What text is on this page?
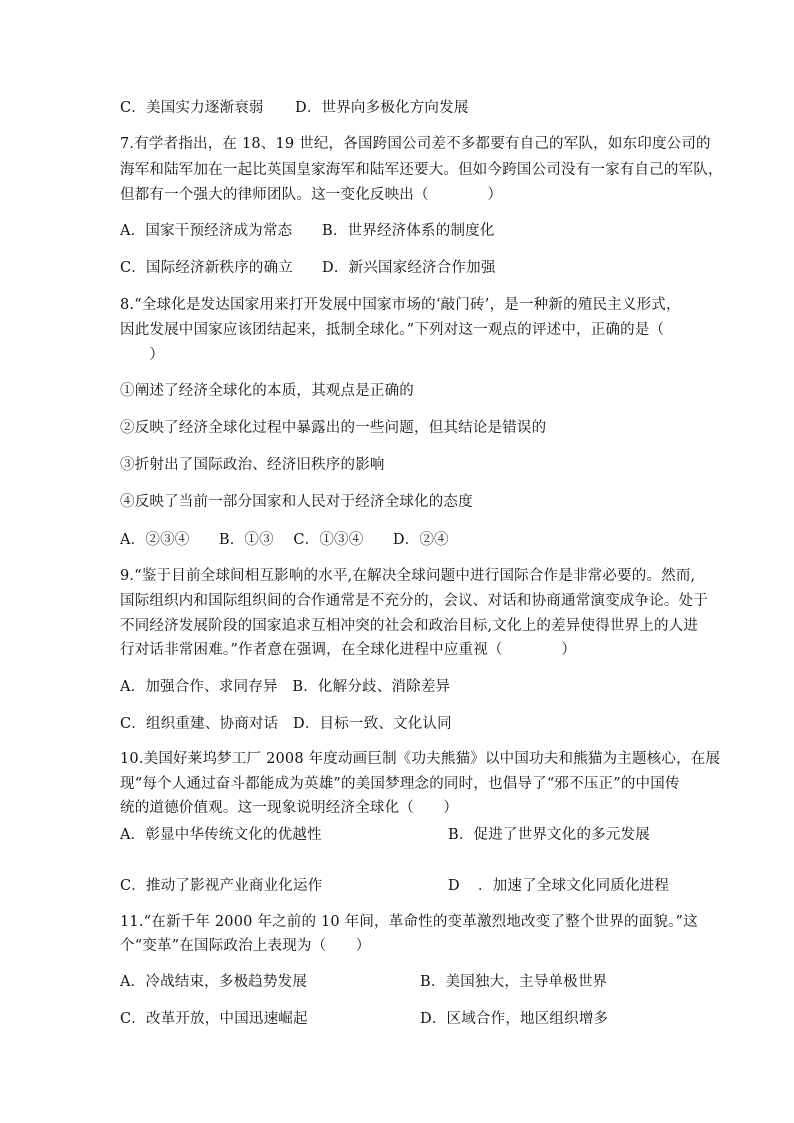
C．美国实力逐渐衰弱 D．世界向多极化方向发展
7.有学者指出，在 18、19 世纪，各国跨国公司差不多都要有自己的军队，如东印度公司的
海军和陆军加在一起比英国皇家海军和陆军还要大。但如今跨国公司没有一家有自己的军队，
但都有一个强大的律师团队。这一变化反映出（　　　　）
A．国家干预经济成为常态 B．世界经济体系的制度化
C．国际经济新秩序的确立 D．新兴国家经济合作加强
8.“全球化是发达国家用来打开发展中国家市场的‘敲门砖’，是一种新的殖民主义形式，
因此发展中国家应该团结起来，抵制全球化。”下列对这一观点的评述中，正确的是（
　　）
①阐述了经济全球化的本质，其观点是正确的
②反映了经济全球化过程中暴露出的一些问题，但其结论是错误的
③折射出了国际政治、经济旧秩序的影响
④反映了当前一部分国家和人民对于经济全球化的态度
A．②③④　　B．①③　 C．①③④　　D．②④
9.“鉴于目前全球间相互影响的水平,在解决全球问题中进行国际合作是非常必要的。然而,
国际组织内和国际组织间的合作通常是不充分的，会议、对话和协商通常演变成争论。处于
不同经济发展阶段的国家追求互相冲突的社会和政治目标,文化上的差异使得世界上的人进
行对话非常困难。”作者意在强调，在全球化进程中应重视（　　　　）
A．加强合作、求同存异　B．化解分歧、消除差异
C．组织重建、协商对话　D．目标一致、文化认同
10.美国好莱坞梦工厂 2008 年度动画巨制《功夫熊猫》以中国功夫和熊猫为主题核心，在展
现“每个人通过奋斗都能成为英雄”的美国梦理念的同时，也倡导了“邪不压正”的中国传
统的道德价值观。这一现象说明经济全球化（　　）
A．彰显中华传统文化的优越性	B．促进了世界文化的多元发展
C．推动了影视产业商业化运作	D ．加速了全球文化同质化进程
11.“在新千年 2000 年之前的 10 年间，革命性的变革激烈地改变了整个世界的面貌。”这
个“变革”在国际政治上表现为（　　）
A．冷战结束，多极趋势发展	B．美国独大，主导单极世界
C．改革开放，中国迅速崛起	D．区域合作，地区组织增多
